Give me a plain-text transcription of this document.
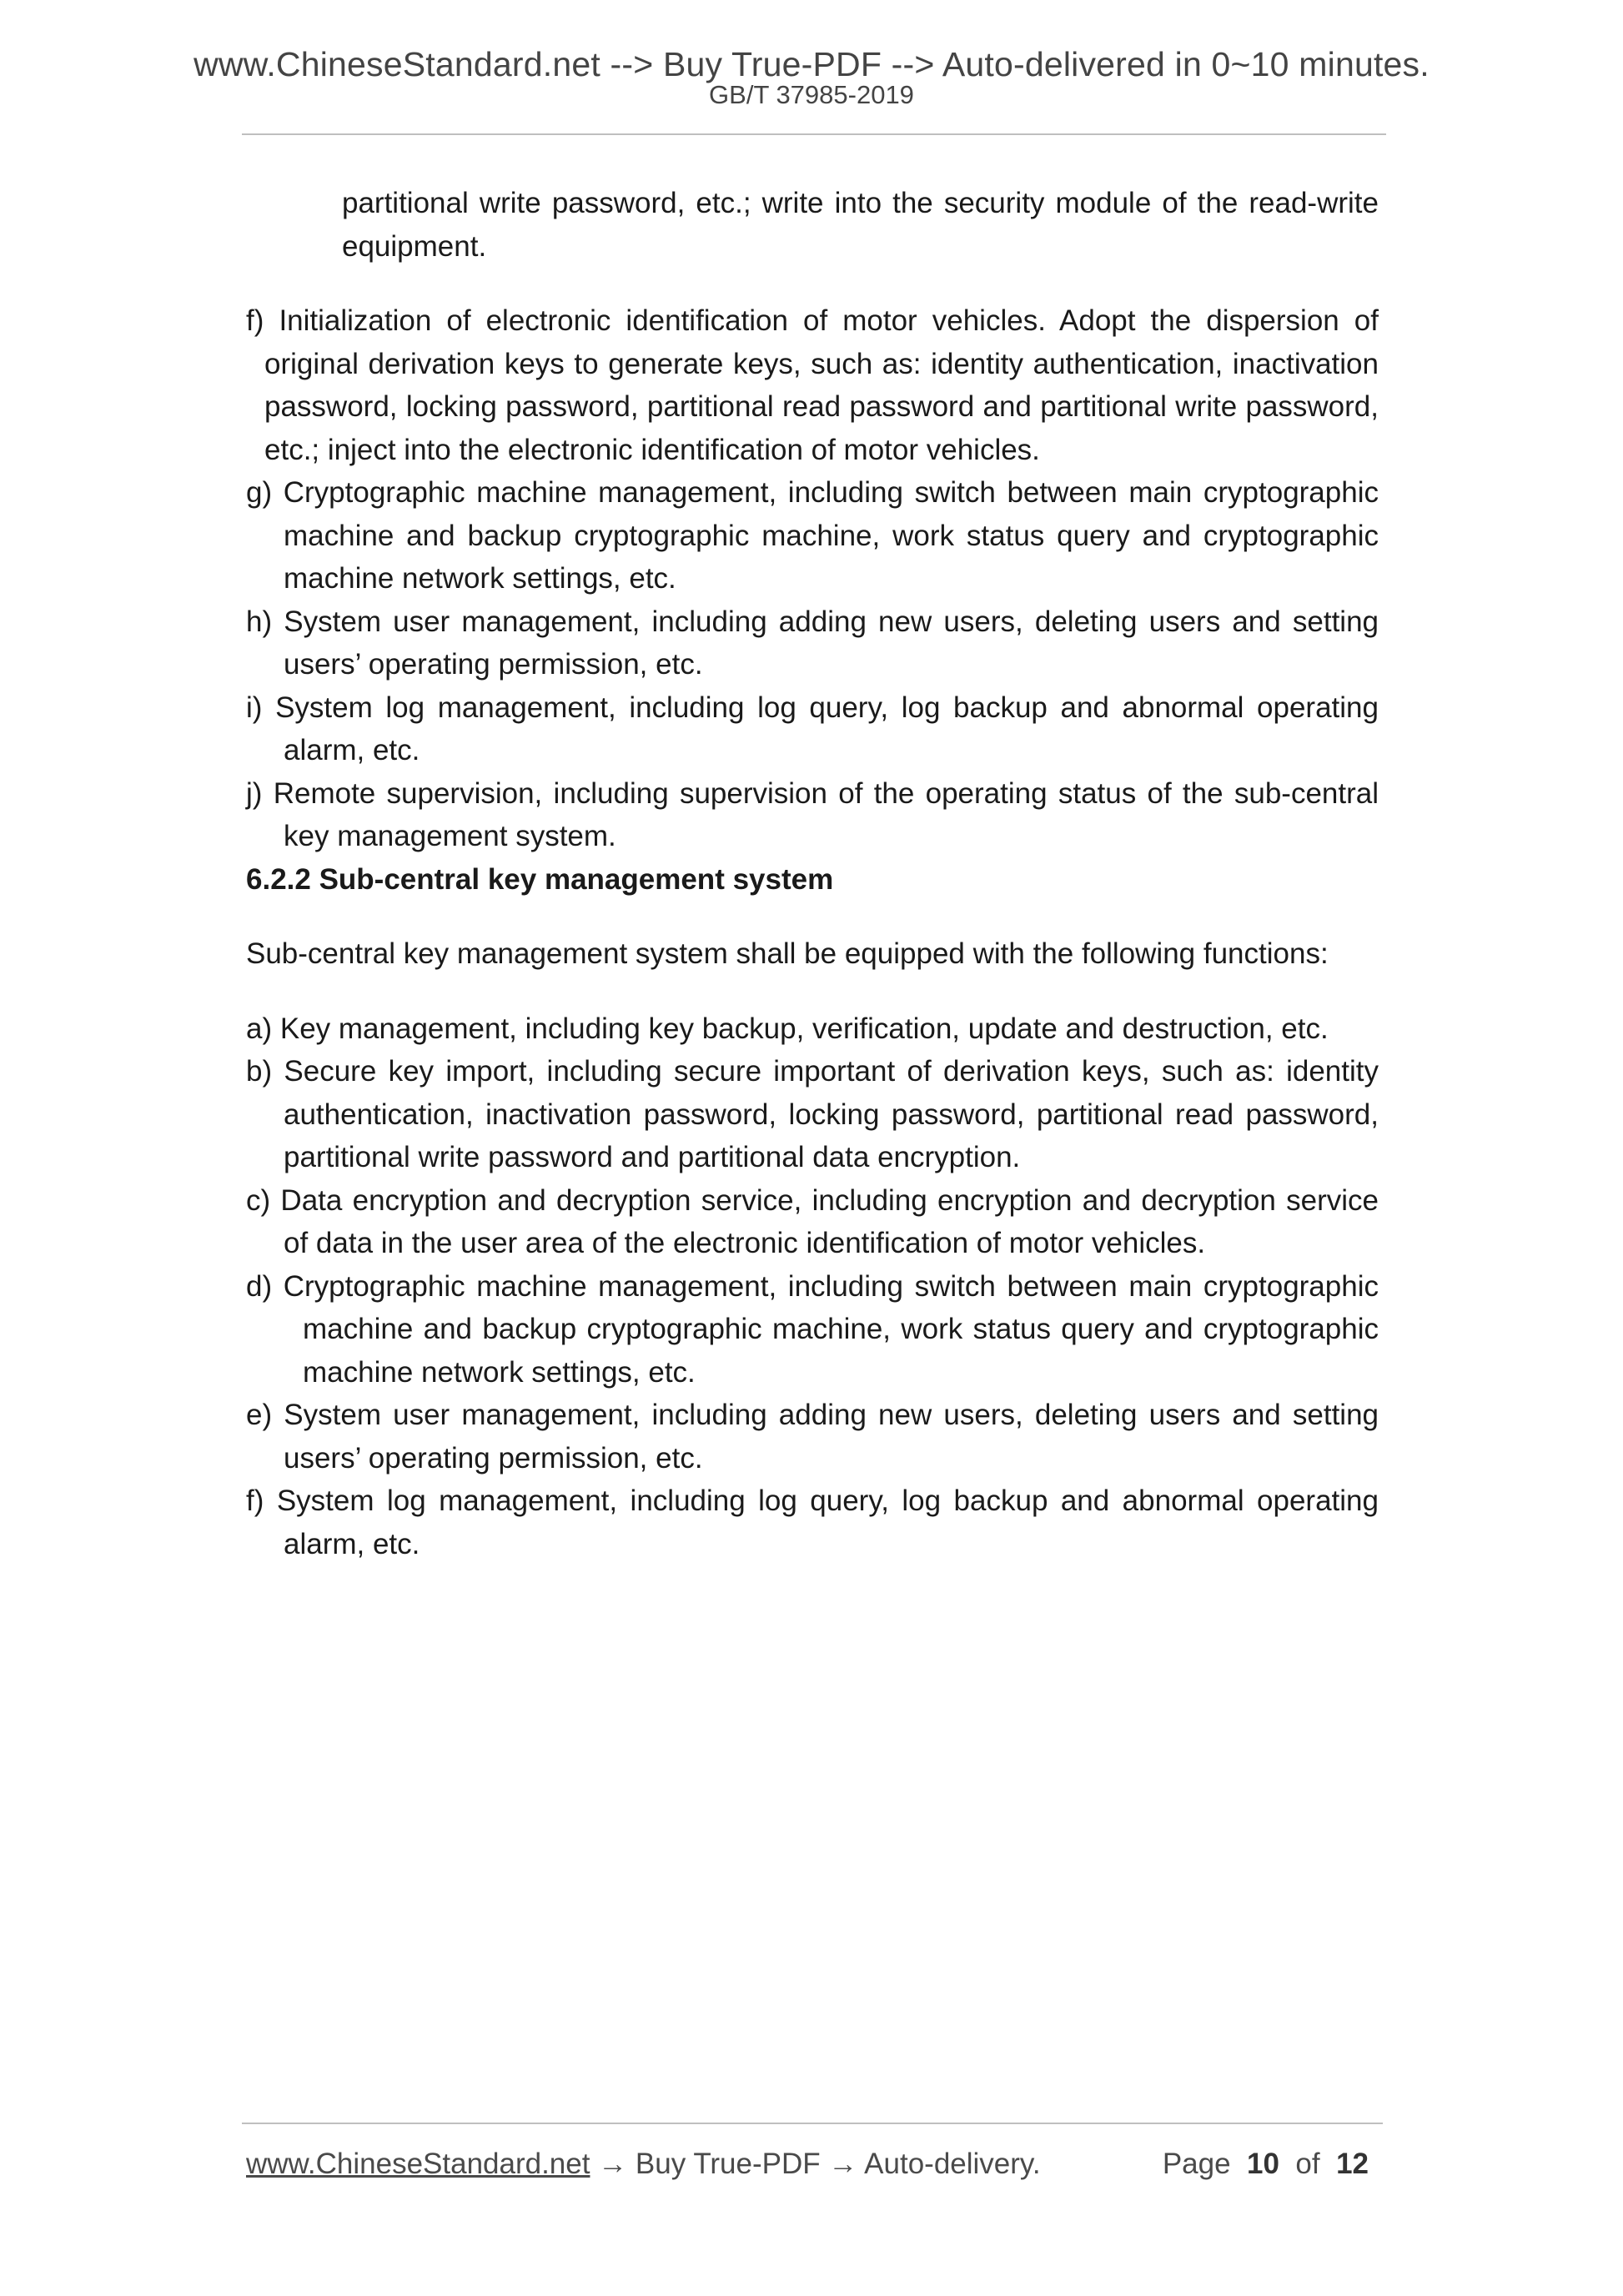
www.ChineseStandard.net --> Buy True-PDF --> Auto-delivered in 0~10 minutes.
GB/T 37985-2019

partitional write password, etc.; write into the security module of the read-write equipment.

f) Initialization of electronic identification of motor vehicles. Adopt the dispersion of original derivation keys to generate keys, such as: identity authentication, inactivation password, locking password, partitional read password and partitional write password, etc.; inject into the electronic identification of motor vehicles.

g) Cryptographic machine management, including switch between main cryptographic machine and backup cryptographic machine, work status query and cryptographic machine network settings, etc.

h) System user management, including adding new users, deleting users and setting users’ operating permission, etc.

i) System log management, including log query, log backup and abnormal operating alarm, etc.

j) Remote supervision, including supervision of the operating status of the sub-central key management system.

6.2.2 Sub-central key management system

Sub-central key management system shall be equipped with the following functions:

a) Key management, including key backup, verification, update and destruction, etc.

b) Secure key import, including secure important of derivation keys, such as: identity authentication, inactivation password, locking password, partitional read password, partitional write password and partitional data encryption.

c) Data encryption and decryption service, including encryption and decryption service of data in the user area of the electronic identification of motor vehicles.

d) Cryptographic machine management, including switch between main cryptographic machine and backup cryptographic machine, work status query and cryptographic machine network settings, etc.

e) System user management, including adding new users, deleting users and setting users’ operating permission, etc.

f) System log management, including log query, log backup and abnormal operating alarm, etc.

www.ChineseStandard.net → Buy True-PDF → Auto-delivery.	Page 10 of 12
